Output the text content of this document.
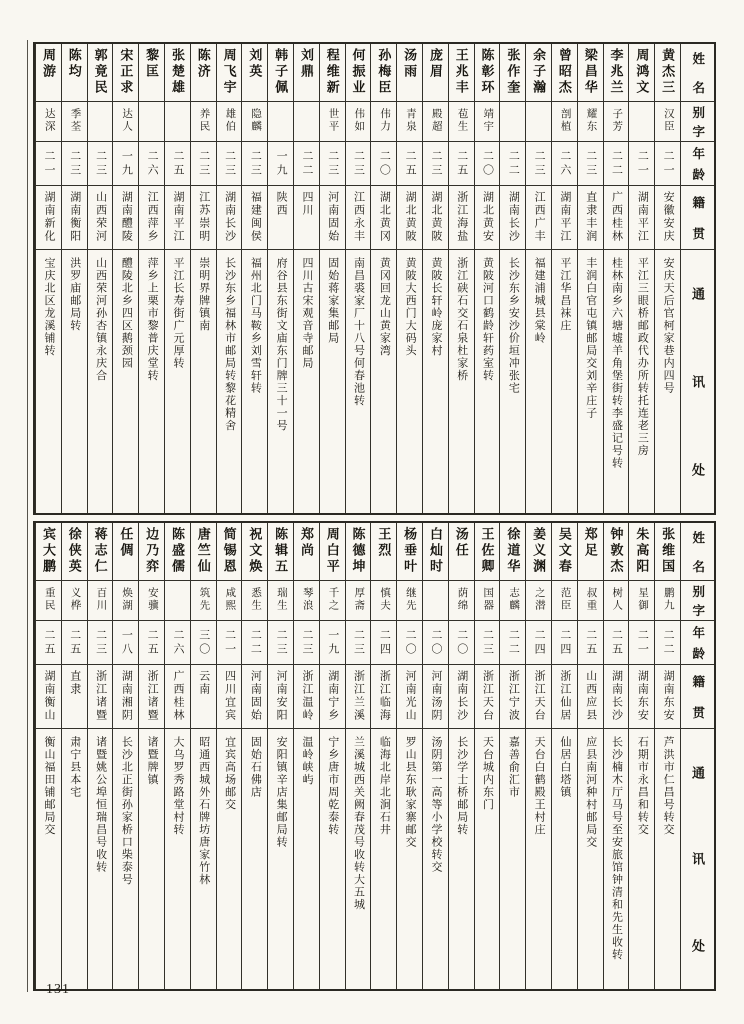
姓
名
别
字
年
龄
籍
贯
通
讯
处
黄杰三
汉臣
二一
安徽安庆
安庆天后官柯家巷内四号
周鸿文
二一
湖南平江
平江三眼桥邮政代办所转托连老三房
李兆兰
子芳
二二
广西桂林
桂林南乡六塘墟羊角堡街转李盛记号转
梁昌华
耀东
二三
直隶丰润
丰润白官屯镇邮局交刘辛庄子
曾昭杰
剖植
二六
湖南平江
平江华昌袜庄
余子瀚
二三
江西广丰
福建浦城县棠岭
张作奎
二二
湖南长沙
长沙东乡安沙价垣冲张宅
陈彰环
靖宇
二〇
湖北黄安
黄陂河口鹤龄轩药室转
王兆丰
苞生
二五
浙江海盐
浙江硖石交石泉杜家桥
庞眉
殿超
二三
湖北黄陂
黄陂长轩岭庞家村
汤雨
青泉
二五
湖北黄陂
黄陂大西门大码头
孙梅臣
伟力
二〇
湖北黄冈
黄冈回龙山黄家湾
何振业
伟如
二三
江西永丰
南昌裘家厂十八号何春池转
程维新
世平
二三
河南固始
固始蒋家集邮局
刘鼎
二二
四川
四川古宋观音寺邮局
韩子佩
一九
陕西
府谷县东街文庙东门牌三十一号
刘英
隐麟
二三
福建闽侯
福州北门马鞍乡刘雪轩转
周飞宇
雄伯
二三
湖南长沙
长沙东乡福林市邮局转黎花精舍
陈济
养民
二三
江苏崇明
崇明界牌镇南
张楚雄
二五
湖南平江
平江长寿街广元厚转
黎匡
二六
江西萍乡
萍乡上栗市黎普庆堂转
宋正求
达人
一九
湖南醴陵
醴陵北乡四区鹅颈园
郭竟民
二三
山西荣河
山西荣河孙杏镇永庆合
陈均
季荃
二三
湖南衡阳
洪罗庙邮局转
周游
达深
二一
湖南新化
宝庆北区龙溪铺转
姓
名
别
字
年
龄
籍
贯
通
讯
处
张维国
鹏九
二二
湖南东安
芦洪市仁昌号转交
朱高阳
星御
二一
湖南东安
石期市永昌和转交
钟敦杰
树人
二五
湖南长沙
长沙楠木厅马号至安旅馆钟清和先生收转
郑足
叔重
二五
山西应县
应县南河种村邮局交
吴文春
范臣
二四
浙江仙居
仙居白塔镇
姜义渊
之潜
二四
浙江天台
天台白鹤殿王村庄
徐道华
志麟
二二
浙江宁波
嘉善俞汇市
王佐卿
国器
二三
浙江天台
天台城内东门
汤任
荫绵
二〇
湖南长沙
长沙学士桥邮局转
白灿时
二〇
河南汤阴
汤阴第一高等小学校转交
杨垂叶
继先
二〇
河南光山
罗山县东耿家寨邮交
王烈
慎夫
二四
浙江临海
临海北岸北涧石井
陈德坤
厚斋
二三
浙江兰溪
兰溪城西关阙春茂号收转大五城
周白平
千之
一九
湖南宁乡
宁乡唐市周乾泰转
郑尚
琴浪
二三
浙江温岭
温岭峡屿
陈辑五
瑞生
二三
河南安阳
安阳镇辛店集邮局转
祝文焕
悉生
二二
河南固始
固始石佛店
简锡恩
咸熙
二一
四川宜宾
宜宾高场邮交
唐竺仙
筑先
三〇
云南
昭通西城外石牌坊唐家竹林
陈盛儒
二六
广西桂林
大乌罗秀路堂村转
边乃弈
安骥
二五
浙江诸暨
诸暨牌镇
任倜
焕湖
一八
湖南湘阴
长沙北正街孙家桥口柴泰号
蒋志仁
百川
二三
浙江诸暨
诸暨姚公埠恒瑞昌号收转
徐侠英
义桦
二五
直隶
肃宁县本宅
宾大鹏
重民
二五
湖南衡山
衡山福田铺邮局交
131
